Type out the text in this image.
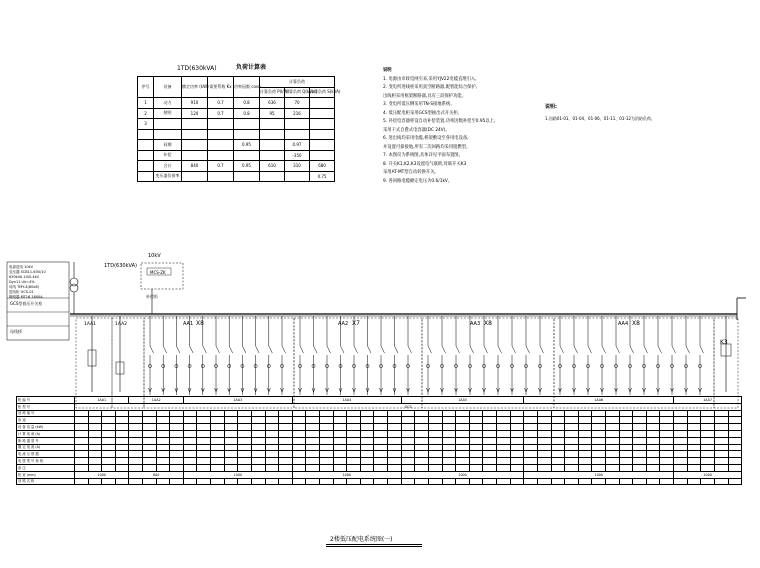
1TD(630kVA)	负荷计算表
序号	设备	额定功率 (kW)	需要系数 Kx	功率因数 cosφ	计算负荷		
					计算负荷 P(kW)	计算负荷 Q(kVar)	计算负荷 S(kVA)
1	动力	910	0.7	0.8	636	70	
2	照明	120	0.7	0.8	95	216	
3							

	同期			0.95		0.97	
	补偿					-350	
	合计	840	0.7	0.95	610	310	680
	变压器负荷率						0.75
说明
1. 电源由市政电网引来,采用YJV22电缆直埋引入。
2. 变电所进线柜采用真空断路器,配智能综合保护,
出线柜采用框架断路器,具有三段保护功能。
3. 变电所低压侧采用TN-S接地系统。
4. 低压配电柜采用GCS型抽出式开关柜。
5. 补偿电容器柜设自动补偿装置,功率因数补偿至0.95以上,
采用干式自愈式电容器(DC 24V)。
6. 进出线均采用电缆,桥架敷设至各用电设备,
并设置可靠接地,所有二次回路均采用阻燃型。
7. 本图仅为系统图,具体详见平面布置图。
8. 开关K1,K2,K3设置电气联锁,母联开关K3
采用AT-MT型自动转换开关。
9. 各回路电缆额定电压为0.6/1kV。
说明:
1.回路01-01、01-04、01-06、01-11、01-12为消防负荷。
1TD(630kVA)
10kV
MCS-ZK
补偿柜
K3
1AA1	1AA2	X8	X7	X8	X8
AA1	AA2	AA3	AA4
电源进线 10kV
变压器 SCB11-630/10
630kVA 10/0.4kV
Dyn11 Uk=4%
母线 TMY-4(80x8)
进线柜 GCS-01
断路器 MT16 1600A
GCS型低压开关柜
母线桥
柜 编 号	1AA1				1AA2				1AA3								1AA4								1AA5									1AA6											1AA7				
柜 型 号	GCS																																																
回 路 编 号																																																	
用 途																																																	
设 备 容 量 (kW)																																																	
计 算 电 流 (A)																																																	
断 路 器 型 号																																																	
额 定 电 流 (A)																																																	
电 流 互 感 器																																																	
电 缆 型 号 规 格																																																	
备 注																																																	
柜 宽 (mm)	1000				800				1000								1000								1000									1000											1000				
回 路 名 称																																																	
2楼低压配电系统图(一)
